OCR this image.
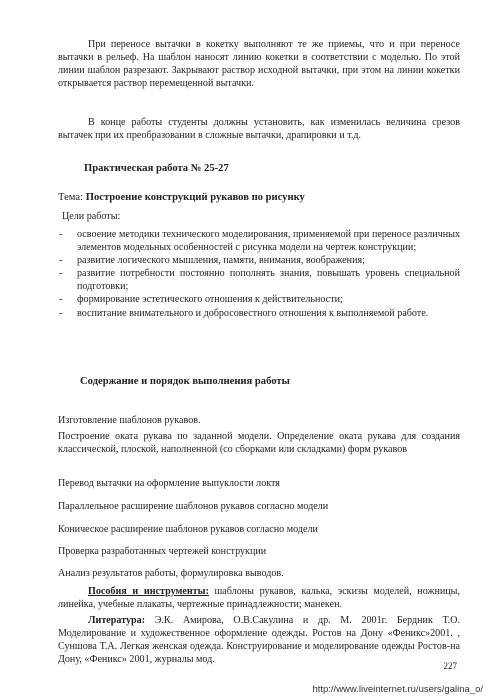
При переносе вытачки в кокетку выполняют те же приемы, что и при переносе вытачки в рельеф. На шаблон наносят линию кокетки в соответствии с моделью. По этой линии шаблон разрезают. Закрывают раствор исходной вытачки, при этом на линии кокетки открывается раствор перемещенной вытачки.

В конце работы студенты должны установить, как изменилась величина срезов вытачек при их преобразовании в сложные вытачки, драпировки и т.д.

Практическая работа № 25-27

Тема: Построение конструкций рукавов по рисунку

Цели работы:

- освоение методики технического моделирования, применяемой при переносе различных элементов модельных особенностей с рисунка модели на чертеж конструкции;
- развитие логического мышления, памяти, внимания, воображения;
- развитие потребности постоянно пополнять знания, повышать уровень специальной подготовки;
- формирование эстетического отношения к действительности;
- воспитание внимательного и добросовестного отношения к выполняемой работе.

Содержание и порядок выполнения работы

Изготовление шаблонов рукавов.

Построение оката рукава по заданной модели. Определение оката рукава для создания классической, плоской, наполненной (со сборками или складками) форм рукавов

Перевод вытачки на оформление выпуклости локтя

Параллельное расширение шаблонов рукавов согласно модели

Коническое расширение шаблонов рукавов согласно модели

Проверка разработанных чертежей конструкции

Анализ результатов работы, формулировка выводов.

Пособия и инструменты: шаблоны рукавов, калька, эскизы моделей, ножницы, линейка, учебные плакаты, чертежные принадлежности; манекен.

Литература: Э.К. Амирова, О.В.Сакулина и др. М. 2001г. Бердник Т.О. Моделирование и художественное оформление одежды. Ростов на Дону «Феникс»2001. , Суншова Т.А. Легкая женская одежда. Конструирование и моделирование одежды Ростов-на Дону, «Феникс» 2001, журналы мод.

227
http://www.liveinternet.ru/users/galina_o/
